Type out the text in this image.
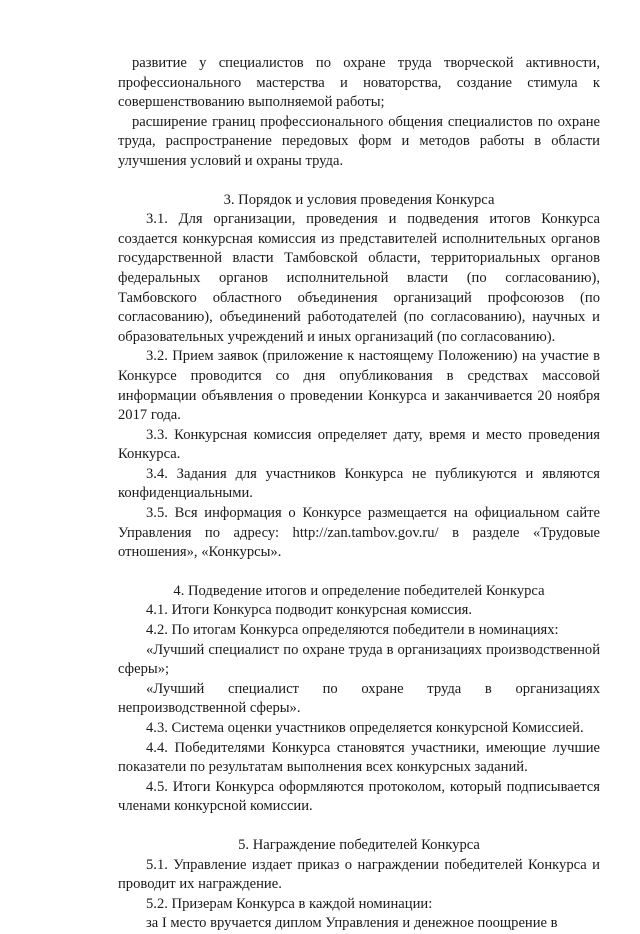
развитие у специалистов по охране труда творческой активности, профессионального мастерства и новаторства, создание стимула к совершенствованию выполняемой работы;

расширение границ профессионального общения специалистов по охране труда, распространение передовых форм и методов работы в области улучшения условий и охраны труда.

3. Порядок и условия проведения Конкурса

3.1. Для организации, проведения и подведения итогов Конкурса создается конкурсная комиссия из представителей исполнительных органов государственной власти Тамбовской области, территориальных органов федеральных органов исполнительной власти (по согласованию), Тамбовского областного объединения организаций профсоюзов (по согласованию), объединений работодателей (по согласованию), научных и образовательных учреждений и иных организаций (по согласованию).

3.2. Прием заявок (приложение к настоящему Положению) на участие в Конкурсе проводится со дня опубликования в средствах массовой информации объявления о проведении Конкурса и заканчивается 20 ноября 2017 года.

3.3. Конкурсная комиссия определяет дату, время и место проведения Конкурса.

3.4. Задания для участников Конкурса не публикуются и являются конфиденциальными.

3.5. Вся информация о Конкурсе размещается на официальном сайте Управления по адресу: http://zan.tambov.gov.ru/ в разделе «Трудовые отношения», «Конкурсы».

4. Подведение итогов и определение победителей Конкурса

4.1. Итоги Конкурса подводит конкурсная комиссия.

4.2. По итогам Конкурса определяются победители в номинациях:

«Лучший специалист по охране труда в организациях производственной сферы»;

«Лучший специалист по охране труда в организациях непроизводственной сферы».

4.3. Система оценки участников определяется конкурсной Комиссией.

4.4. Победителями Конкурса становятся участники, имеющие лучшие показатели по результатам выполнения всех конкурсных заданий.

4.5. Итоги Конкурса оформляются протоколом, который подписывается членами конкурсной комиссии.

5. Награждение победителей Конкурса

5.1. Управление издает приказ о награждении победителей Конкурса и проводит их награждение.

5.2. Призерам Конкурса в каждой номинации:

за I место вручается диплом Управления и денежное поощрение в
